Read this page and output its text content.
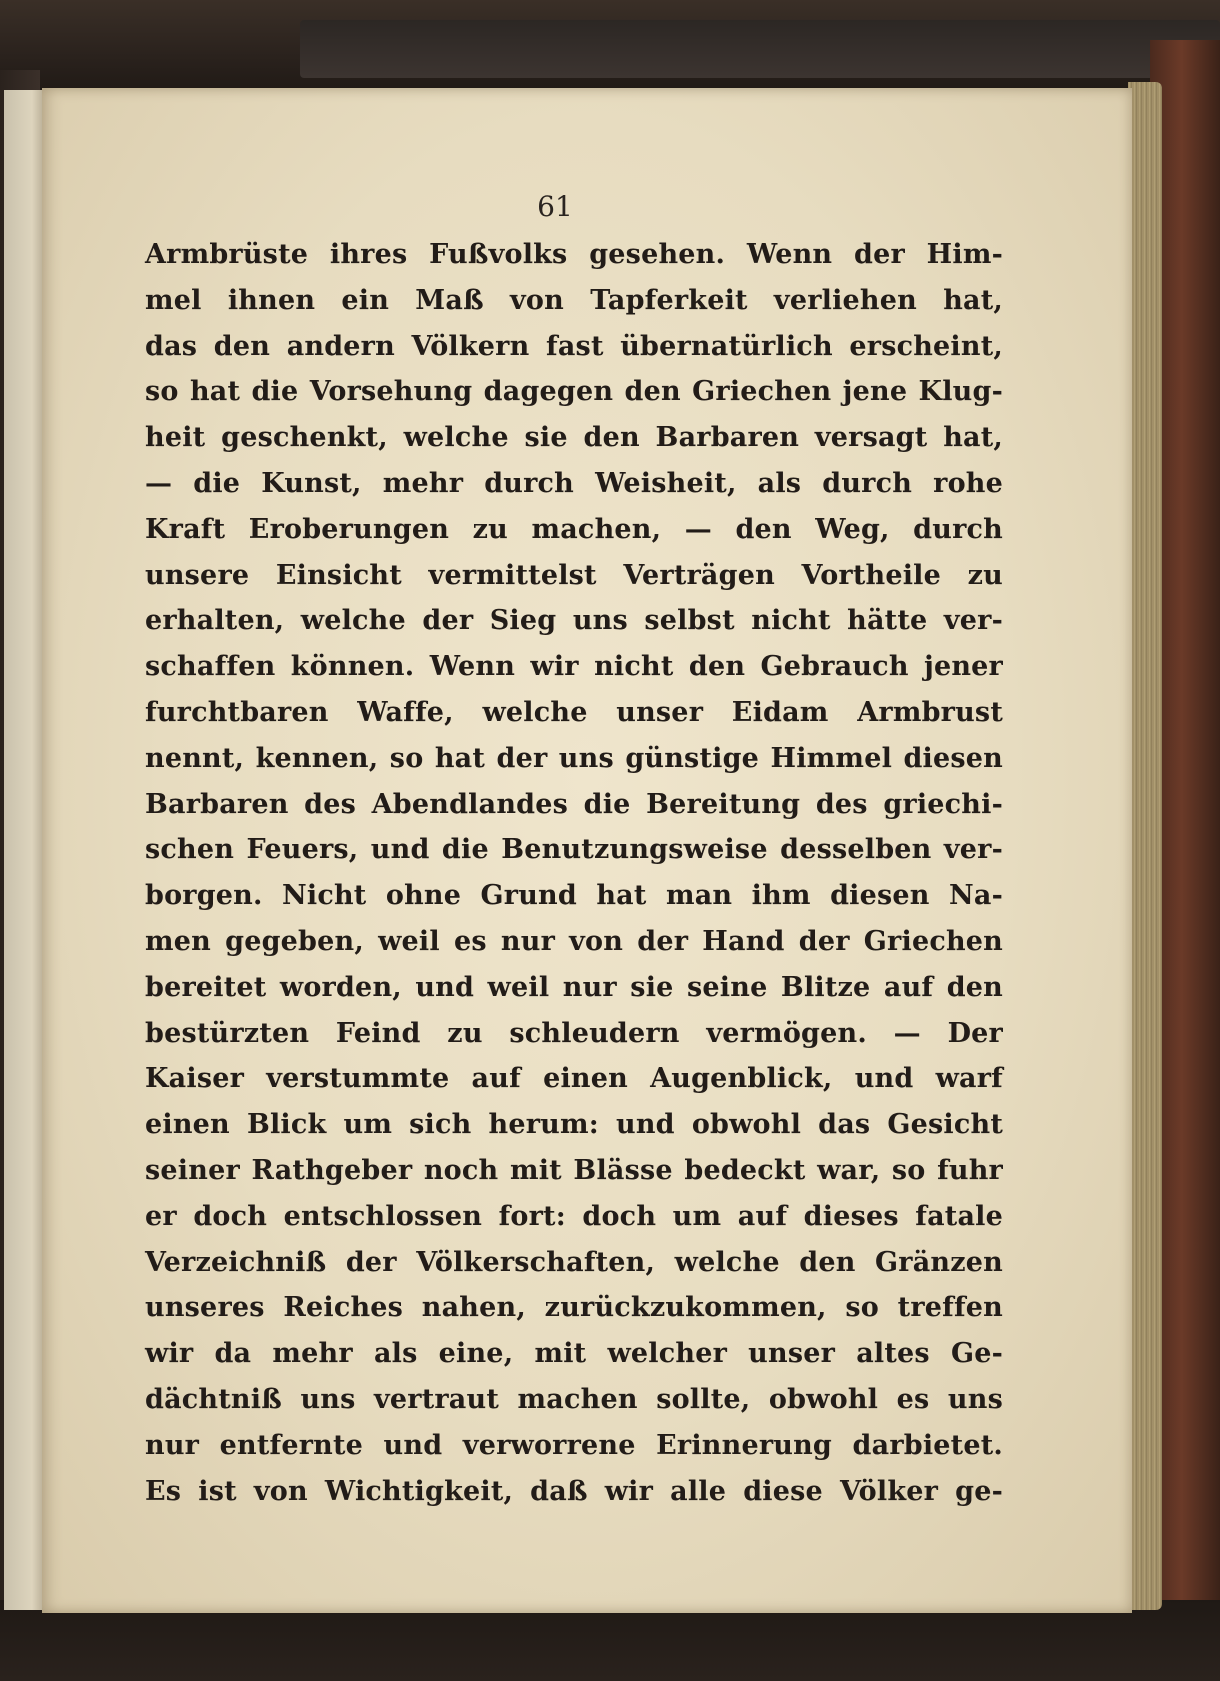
61
Armbrüste ihres Fußvolks gesehen. Wenn der Him-
mel ihnen ein Maß von Tapferkeit verliehen hat,
das den andern Völkern fast übernatürlich erscheint,
so hat die Vorsehung dagegen den Griechen jene Klug-
heit geschenkt, welche sie den Barbaren versagt hat,
— die Kunst, mehr durch Weisheit, als durch rohe
Kraft Eroberungen zu machen, — den Weg, durch
unsere Einsicht vermittelst Verträgen Vortheile zu
erhalten, welche der Sieg uns selbst nicht hätte ver-
schaffen können. Wenn wir nicht den Gebrauch jener
furchtbaren Waffe, welche unser Eidam Armbrust
nennt, kennen, so hat der uns günstige Himmel diesen
Barbaren des Abendlandes die Bereitung des griechi-
schen Feuers, und die Benutzungsweise desselben ver-
borgen. Nicht ohne Grund hat man ihm diesen Na-
men gegeben, weil es nur von der Hand der Griechen
bereitet worden, und weil nur sie seine Blitze auf den
bestürzten Feind zu schleudern vermögen. — Der
Kaiser verstummte auf einen Augenblick, und warf
einen Blick um sich herum: und obwohl das Gesicht
seiner Rathgeber noch mit Blässe bedeckt war, so fuhr
er doch entschlossen fort: doch um auf dieses fatale
Verzeichniß der Völkerschaften, welche den Gränzen
unseres Reiches nahen, zurückzukommen, so treffen
wir da mehr als eine, mit welcher unser altes Ge-
dächtniß uns vertraut machen sollte, obwohl es uns
nur entfernte und verworrene Erinnerung darbietet.
Es ist von Wichtigkeit, daß wir alle diese Völker ge-
